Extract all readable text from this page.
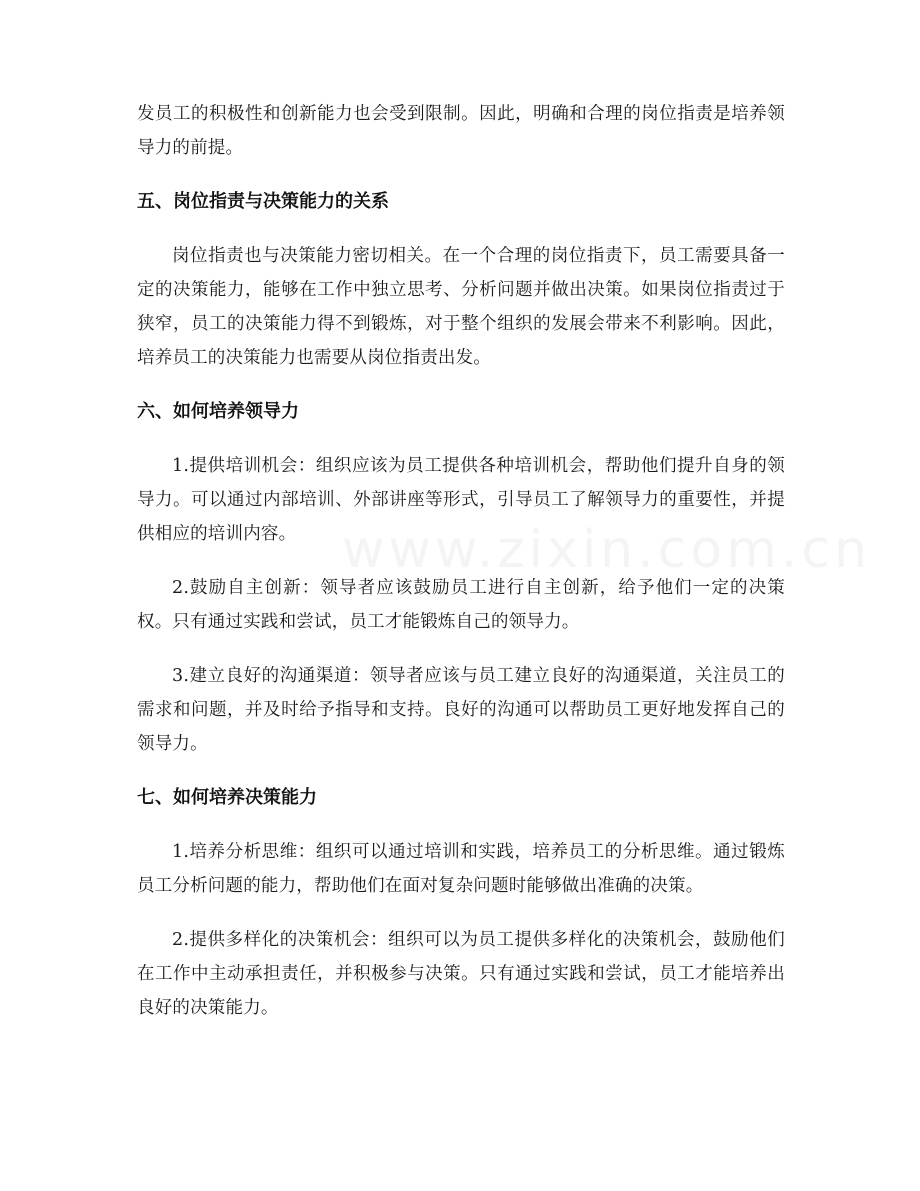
发员工的积极性和创新能力也会受到限制。因此，明确和合理的岗位指责是培养领导力的前提。

五、岗位指责与决策能力的关系

岗位指责也与决策能力密切相关。在一个合理的岗位指责下，员工需要具备一定的决策能力，能够在工作中独立思考、分析问题并做出决策。如果岗位指责过于狭窄，员工的决策能力得不到锻炼，对于整个组织的发展会带来不利影响。因此，培养员工的决策能力也需要从岗位指责出发。

六、如何培养领导力

1.提供培训机会：组织应该为员工提供各种培训机会，帮助他们提升自身的领导力。可以通过内部培训、外部讲座等形式，引导员工了解领导力的重要性，并提供相应的培训内容。

2.鼓励自主创新：领导者应该鼓励员工进行自主创新，给予他们一定的决策权。只有通过实践和尝试，员工才能锻炼自己的领导力。

3.建立良好的沟通渠道：领导者应该与员工建立良好的沟通渠道，关注员工的需求和问题，并及时给予指导和支持。良好的沟通可以帮助员工更好地发挥自己的领导力。

七、如何培养决策能力

1.培养分析思维：组织可以通过培训和实践，培养员工的分析思维。通过锻炼员工分析问题的能力，帮助他们在面对复杂问题时能够做出准确的决策。

2.提供多样化的决策机会：组织可以为员工提供多样化的决策机会，鼓励他们在工作中主动承担责任，并积极参与决策。只有通过实践和尝试，员工才能培养出良好的决策能力。

www.zixin.com.cn
